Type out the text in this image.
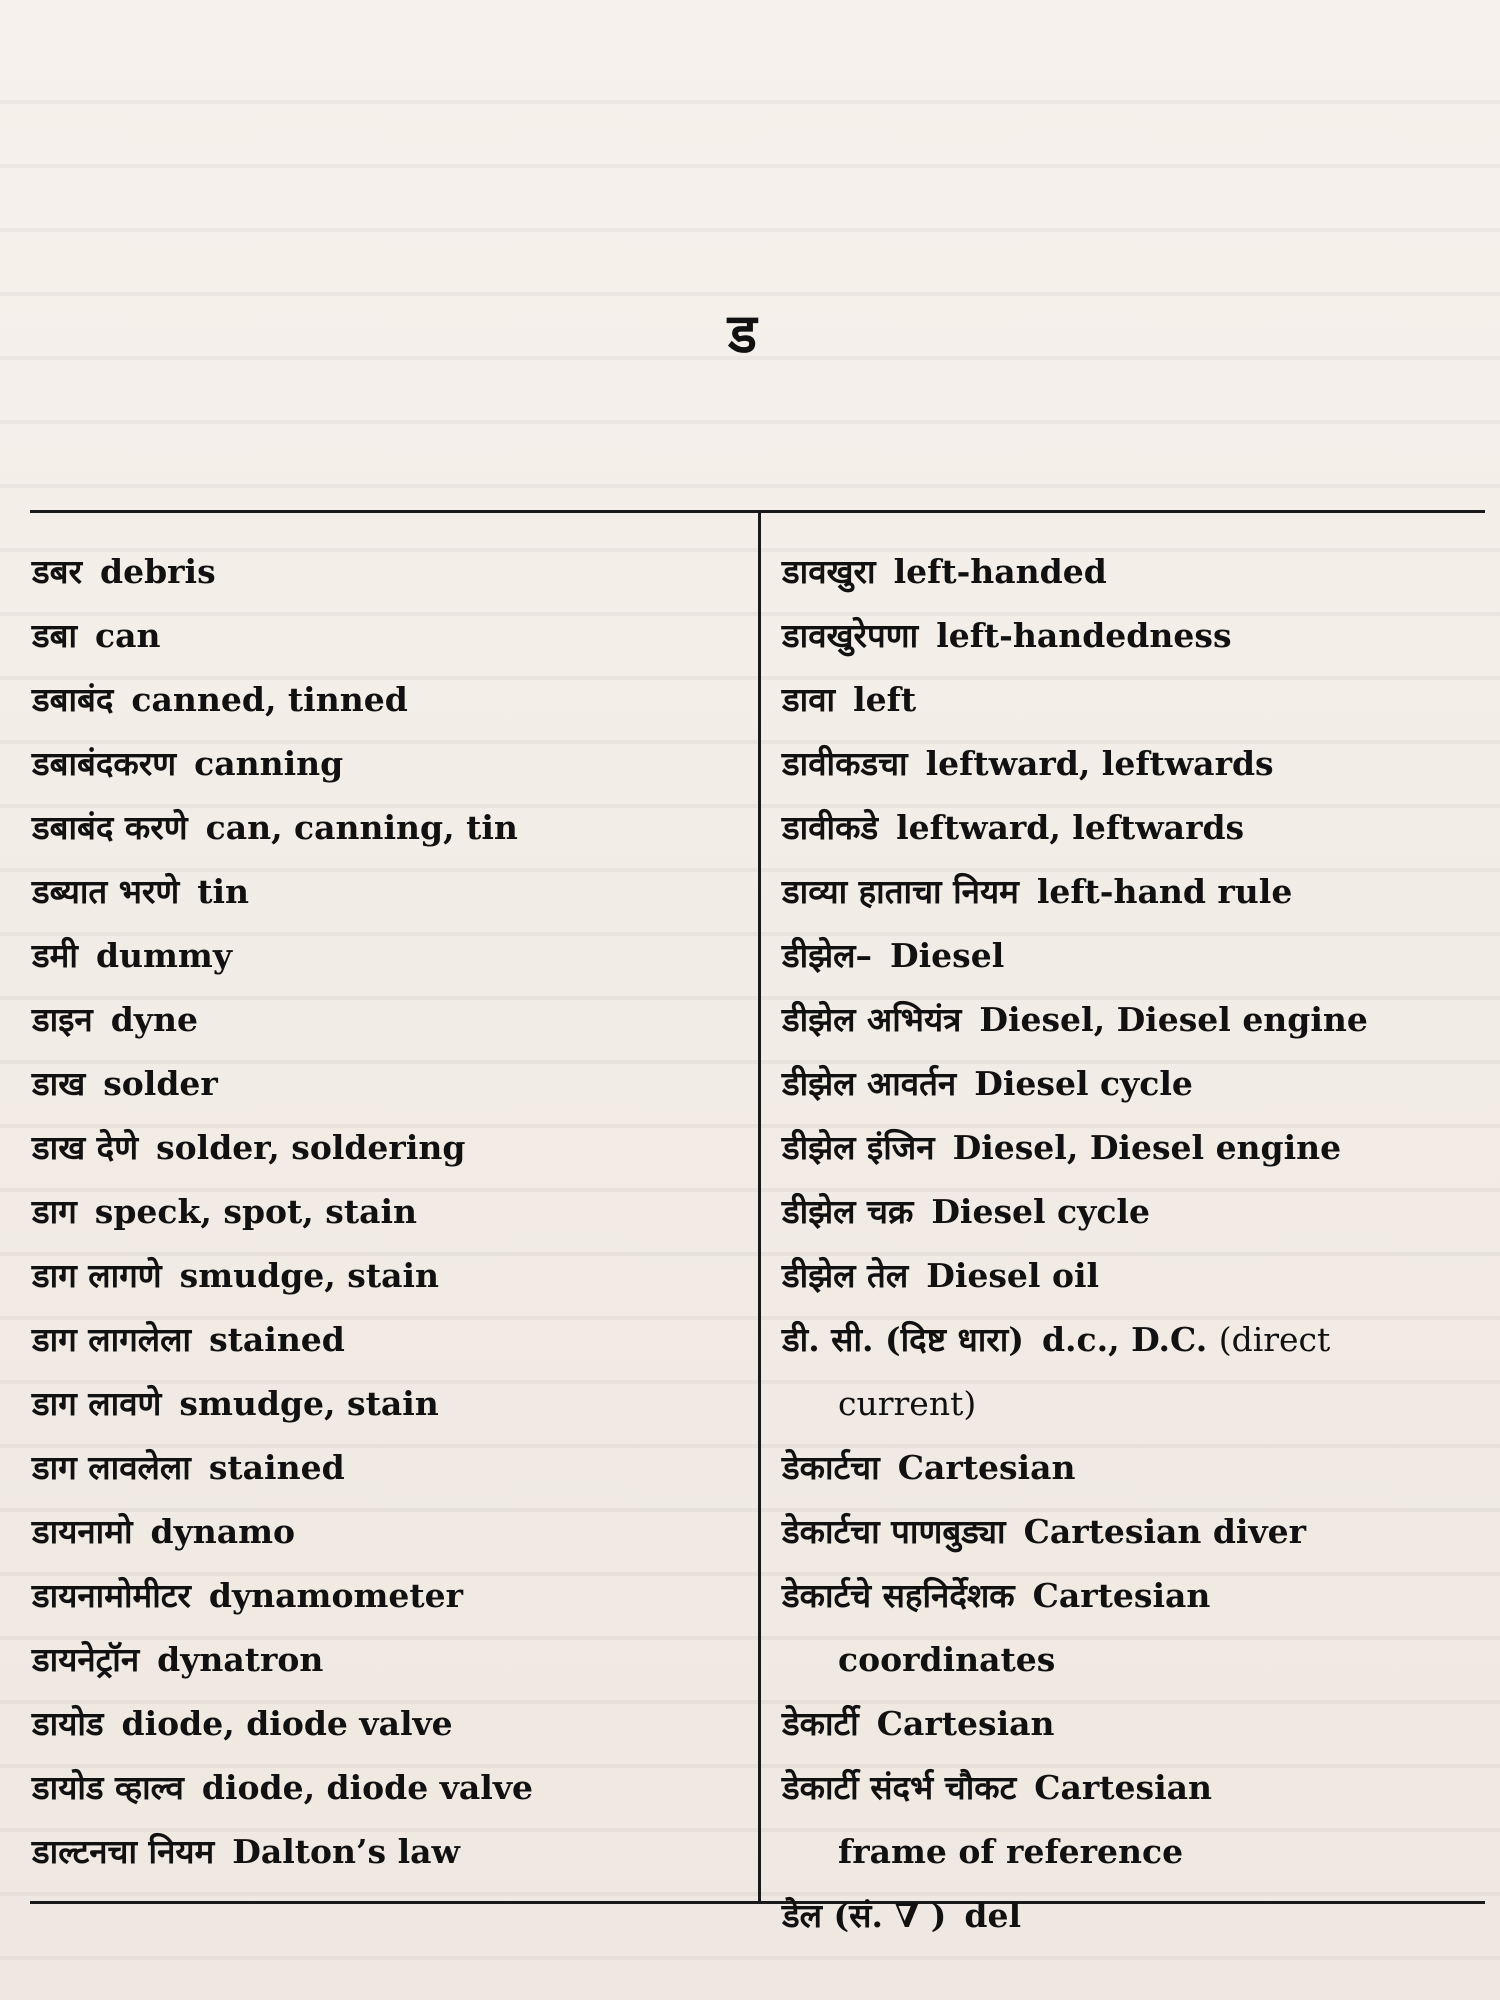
ड
डबर debris
डबा can
डबाबंद canned, tinned
डबाबंदकरण canning
डबाबंद करणे can, canning, tin
डब्यात भरणे tin
डमी dummy
डाइन dyne
डाख solder
डाख देणे solder, soldering
डाग speck, spot, stain
डाग लागणे smudge, stain
डाग लागलेला stained
डाग लावणे smudge, stain
डाग लावलेला stained
डायनामो dynamo
डायनामोमीटर dynamometer
डायनेट्रॉन dynatron
डायोड diode, diode valve
डायोड व्हाल्व diode, diode valve
डाल्टनचा नियम Dalton’s law
डावखुरा left-handed
डावखुरेपणा left-handedness
डावा left
डावीकडचा leftward, leftwards
डावीकडे leftward, leftwards
डाव्या हाताचा नियम left-hand rule
डीझेल– Diesel
डीझेल अभियंत्र Diesel, Diesel engine
डीझेल आवर्तन Diesel cycle
डीझेल इंजिन Diesel, Diesel engine
डीझेल चक्र Diesel cycle
डीझेल तेल Diesel oil
डी. सी. (दिष्ट धारा) d.c., D.C. (direct
current)
डेकार्टचा Cartesian
डेकार्टचा पाणबुड्या Cartesian diver
डेकार्टचे सहनिर्देशक Cartesian
coordinates
डेकार्टी Cartesian
डेकार्टी संदर्भ चौकट Cartesian
frame of reference
डेल (सं. ∇ ) del
